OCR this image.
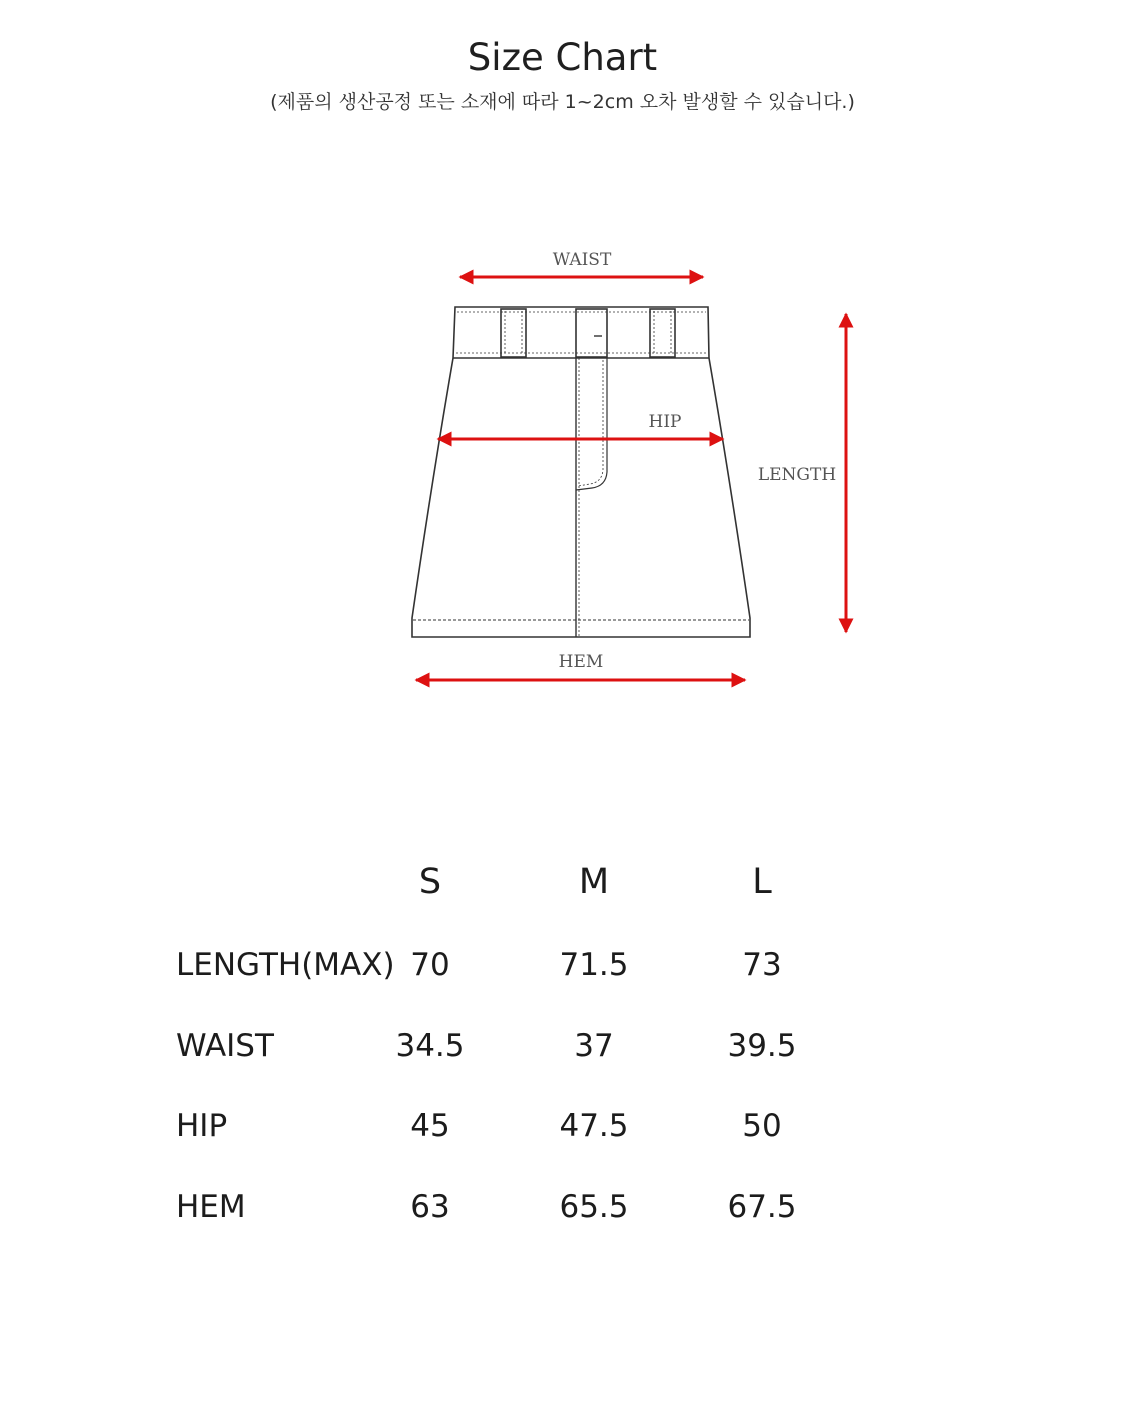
Size Chart
(제품의 생산공정 또는 소재에 따라 1~2cm 오차 발생할 수 있습니다.)
WAIST
HIP
LENGTH
HEM
S	M	L
LENGTH(MAX) 70	71.5	73
WAIST	34.5	37	39.5
HIP	45	47.5	50
HEM	63	65.5	67.5
